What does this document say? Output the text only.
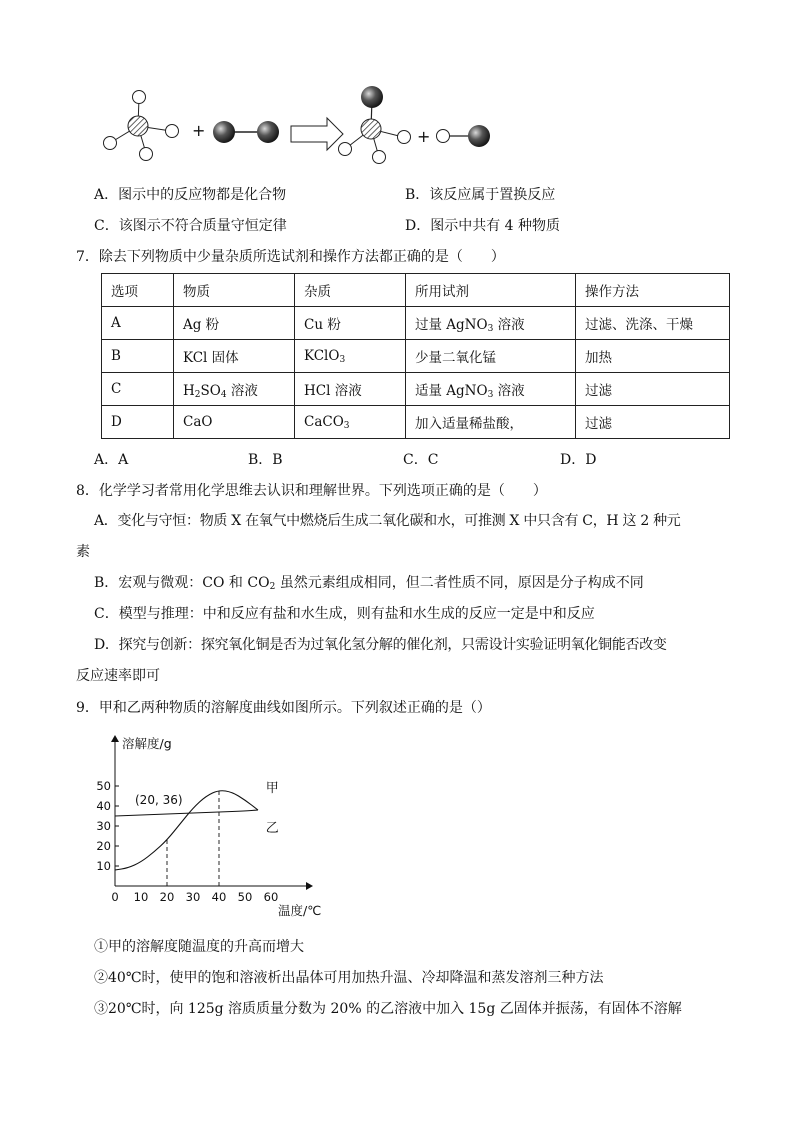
+	+
A．图示中的反应物都是化合物	B．该反应属于置换反应
C．该图示不符合质量守恒定律	D．图示中共有 4 种物质
7．除去下列物质中少量杂质所选试剂和操作方法都正确的是（　　）
选项	物质	杂质	所用试剂	操作方法
A	Ag 粉	Cu 粉	过量 AgNO$_3$ 溶液	过滤、洗涤、干燥
B	KCl 固体	KClO$_3$	少量二氧化锰	加热
C	$H_2SO_4$ 溶液	HCl 溶液	适量 AgNO$_3$ 溶液	过滤
D	CaO	CaCO$_3$	加入适量稀盐酸，	过滤
A．A	B．B	C．C	D．D
8．化学学习者常用化学思维去认识和理解世界。下列选项正确的是（　　）
A．变化与守恒：物质 X 在氧气中燃烧后生成二氧化碳和水，可推测 X 中只含有 C，H 这 2 种元
素
B．宏观与微观：CO 和 $CO_2$ 虽然元素组成相同，但二者性质不同，原因是分子构成不同
C．模型与推理：中和反应有盐和水生成，则有盐和水生成的反应一定是中和反应
D．探究与创新：探究氧化铜是否为过氧化氢分解的催化剂，只需设计实验证明氧化铜能否改变
反应速率即可
9．甲和乙两种物质的溶解度曲线如图所示。下列叙述正确的是（）
溶解度/g
温度/℃
0 10 20 30 40 50 60
10
20
30
40
50	甲
乙
(20, 36)
①甲的溶解度随温度的升高而增大
②40℃时，使甲的饱和溶液析出晶体可用加热升温、冷却降温和蒸发溶剂三种方法
③20℃时，向 125g 溶质质量分数为 20% 的乙溶液中加入 15g 乙固体并振荡，有固体不溶解
